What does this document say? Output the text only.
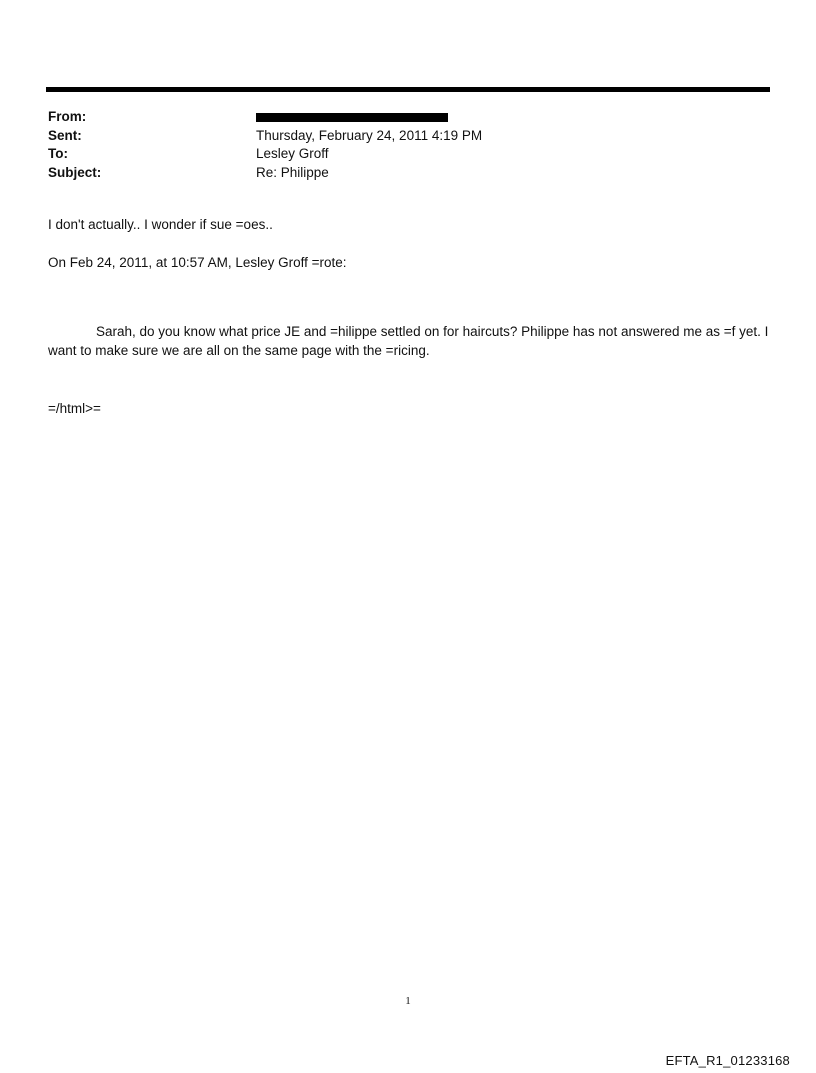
From:
Sent:	Thursday, February 24, 2011 4:19 PM
To:	Lesley Groff
Subject:	Re: Philippe
I don't actually.. I wonder if sue =oes..
On Feb 24, 2011, at 10:57 AM, Lesley Groff =rote:
Sarah, do you know what price JE and =hilippe settled on for haircuts? Philippe has not answered me as =f yet. I want to make sure we are all on the same page with the =ricing.
=/html>=
1
EFTA_R1_01233168
